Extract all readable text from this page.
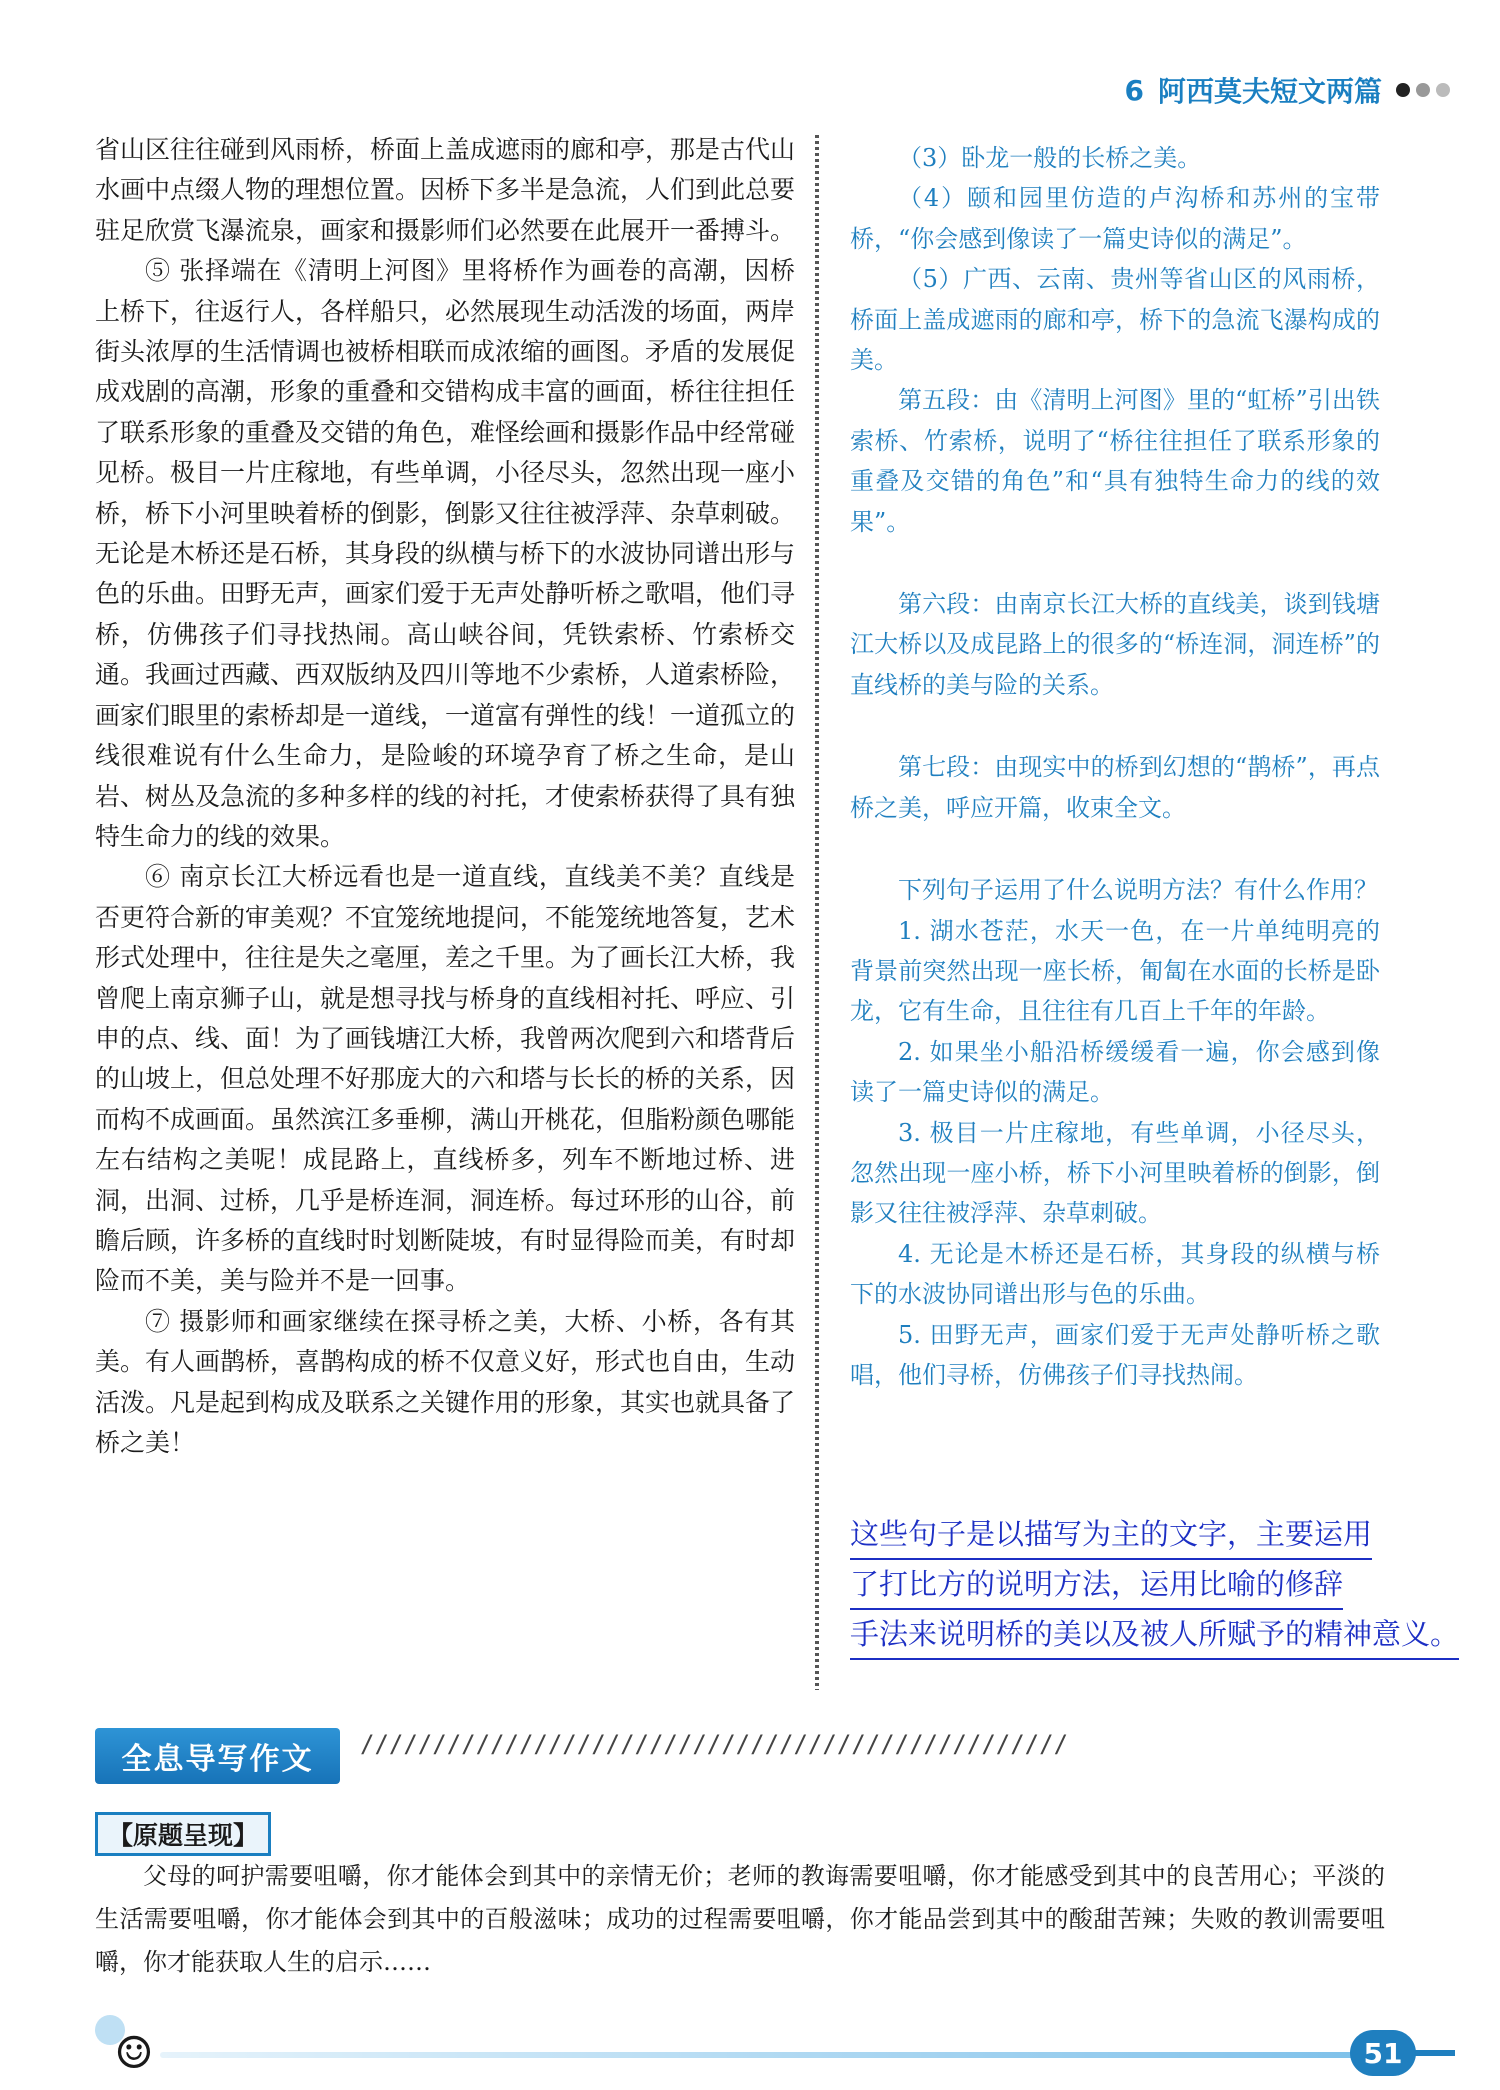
6 阿西莫夫短文两篇

省山区往往碰到风雨桥，桥面上盖成遮雨的廊和亭，那是古代山水画中点缀人物的理想位置。因桥下多半是急流，人们到此总要驻足欣赏飞瀑流泉，画家和摄影师们必然要在此展开一番搏斗。

⑤ 张择端在《清明上河图》里将桥作为画卷的高潮，因桥上桥下，往返行人，各样船只，必然展现生动活泼的场面，两岸街头浓厚的生活情调也被桥相联而成浓缩的画图。矛盾的发展促成戏剧的高潮，形象的重叠和交错构成丰富的画面，桥往往担任了联系形象的重叠及交错的角色，难怪绘画和摄影作品中经常碰见桥。极目一片庄稼地，有些单调，小径尽头，忽然出现一座小桥，桥下小河里映着桥的倒影，倒影又往往被浮萍、杂草刺破。无论是木桥还是石桥，其身段的纵横与桥下的水波协同谱出形与色的乐曲。田野无声，画家们爱于无声处静听桥之歌唱，他们寻桥，仿佛孩子们寻找热闹。高山峡谷间，凭铁索桥、竹索桥交通。我画过西藏、西双版纳及四川等地不少索桥，人道索桥险，画家们眼里的索桥却是一道线，一道富有弹性的线！一道孤立的线很难说有什么生命力，是险峻的环境孕育了桥之生命，是山岩、树丛及急流的多种多样的线的衬托，才使索桥获得了具有独特生命力的线的效果。

⑥ 南京长江大桥远看也是一道直线，直线美不美？直线是否更符合新的审美观？不宜笼统地提问，不能笼统地答复，艺术形式处理中，往往是失之毫厘，差之千里。为了画长江大桥，我曾爬上南京狮子山，就是想寻找与桥身的直线相衬托、呼应、引申的点、线、面！为了画钱塘江大桥，我曾两次爬到六和塔背后的山坡上，但总处理不好那庞大的六和塔与长长的桥的关系，因而构不成画面。虽然滨江多垂柳，满山开桃花，但脂粉颜色哪能左右结构之美呢！成昆路上，直线桥多，列车不断地过桥、进洞，出洞、过桥，几乎是桥连洞，洞连桥。每过环形的山谷，前瞻后顾，许多桥的直线时时划断陡坡，有时显得险而美，有时却险而不美，美与险并不是一回事。

⑦ 摄影师和画家继续在探寻桥之美，大桥、小桥，各有其美。有人画鹊桥，喜鹊构成的桥不仅意义好，形式也自由，生动活泼。凡是起到构成及联系之关键作用的形象，其实也就具备了桥之美！

（3）卧龙一般的长桥之美。

（4）颐和园里仿造的卢沟桥和苏州的宝带桥，“你会感到像读了一篇史诗似的满足”。

（5）广西、云南、贵州等省山区的风雨桥，桥面上盖成遮雨的廊和亭，桥下的急流飞瀑构成的美。

第五段：由《清明上河图》里的“虹桥”引出铁索桥、竹索桥，说明了“桥往往担任了联系形象的重叠及交错的角色”和“具有独特生命力的线的效果”。

第六段：由南京长江大桥的直线美，谈到钱塘江大桥以及成昆路上的很多的“桥连洞，洞连桥”的直线桥的美与险的关系。

第七段：由现实中的桥到幻想的“鹊桥”，再点桥之美，呼应开篇，收束全文。

下列句子运用了什么说明方法？有什么作用？

1. 湖水苍茫，水天一色，在一片单纯明亮的背景前突然出现一座长桥，匍匐在水面的长桥是卧龙，它有生命，且往往有几百上千年的年龄。

2. 如果坐小船沿桥缓缓看一遍，你会感到像读了一篇史诗似的满足。

3. 极目一片庄稼地，有些单调，小径尽头，忽然出现一座小桥，桥下小河里映着桥的倒影，倒影又往往被浮萍、杂草刺破。

4. 无论是木桥还是石桥，其身段的纵横与桥下的水波协同谱出形与色的乐曲。

5. 田野无声，画家们爱于无声处静听桥之歌唱，他们寻桥，仿佛孩子们寻找热闹。

这些句子是以描写为主的文字，主要运用

了打比方的说明方法，运用比喻的修辞

手法来说明桥的美以及被人所赋予的精神意义。

全息导写作文	/////////////////////////////////////////////////
【原题呈现】

父母的呵护需要咀嚼，你才能体会到其中的亲情无价；老师的教诲需要咀嚼，你才能感受到其中的良苦用心；平淡的生活需要咀嚼，你才能体会到其中的百般滋味；成功的过程需要咀嚼，你才能品尝到其中的酸甜苦辣；失败的教训需要咀嚼，你才能获取人生的启示……

☺	51
